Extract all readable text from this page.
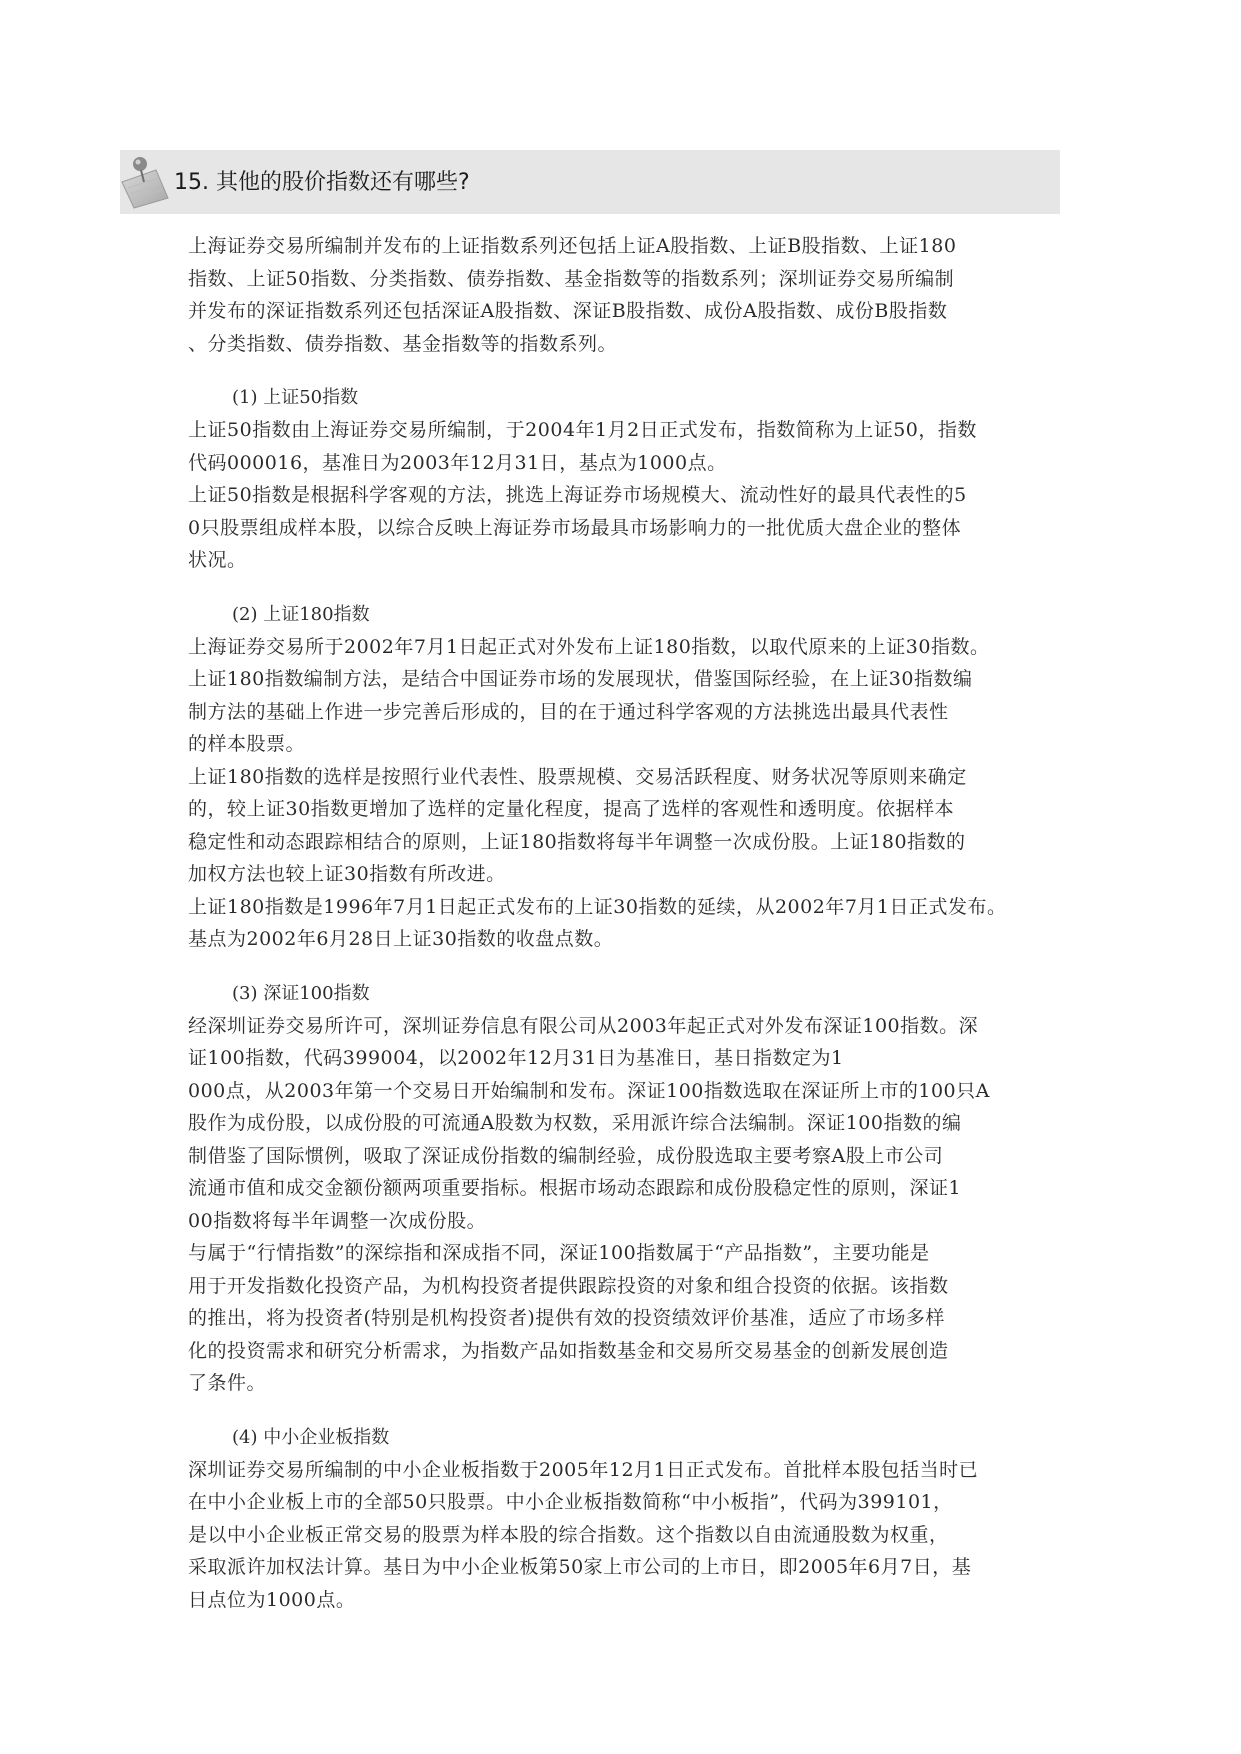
15. 其他的股价指数还有哪些?

上海证券交易所编制并发布的上证指数系列还包括上证A股指数、上证B股指数、上证180
指数、上证50指数、分类指数、债券指数、基金指数等的指数系列；深圳证券交易所编制
并发布的深证指数系列还包括深证A股指数、深证B股指数、成份A股指数、成份B股指数
、分类指数、债券指数、基金指数等的指数系列。

(1) 上证50指数

上证50指数由上海证券交易所编制，于2004年1月2日正式发布，指数简称为上证50，指数
代码000016，基准日为2003年12月31日，基点为1000点。

上证50指数是根据科学客观的方法，挑选上海证券市场规模大、流动性好的最具代表性的5
0只股票组成样本股，以综合反映上海证券市场最具市场影响力的一批优质大盘企业的整体
状况。

(2) 上证180指数

上海证券交易所于2002年7月1日起正式对外发布上证180指数，以取代原来的上证30指数。

上证180指数编制方法，是结合中国证券市场的发展现状，借鉴国际经验，在上证30指数编
制方法的基础上作进一步完善后形成的，目的在于通过科学客观的方法挑选出最具代表性
的样本股票。

上证180指数的选样是按照行业代表性、股票规模、交易活跃程度、财务状况等原则来确定
的，较上证30指数更增加了选样的定量化程度，提高了选样的客观性和透明度。依据样本
稳定性和动态跟踪相结合的原则，上证180指数将每半年调整一次成份股。上证180指数的
加权方法也较上证30指数有所改进。

上证180指数是1996年7月1日起正式发布的上证30指数的延续，从2002年7月1日正式发布。
基点为2002年6月28日上证30指数的收盘点数。

(3) 深证100指数

经深圳证券交易所许可，深圳证券信息有限公司从2003年起正式对外发布深证100指数。深
证100指数，代码399004，以2002年12月31日为基准日，基日指数定为1
000点，从2003年第一个交易日开始编制和发布。深证100指数选取在深证所上市的100只A
股作为成份股，以成份股的可流通A股数为权数，采用派许综合法编制。深证100指数的编
制借鉴了国际惯例，吸取了深证成份指数的编制经验，成份股选取主要考察A股上市公司
流通市值和成交金额份额两项重要指标。根据市场动态跟踪和成份股稳定性的原则，深证1
00指数将每半年调整一次成份股。

与属于“行情指数”的深综指和深成指不同，深证100指数属于“产品指数”，主要功能是
用于开发指数化投资产品，为机构投资者提供跟踪投资的对象和组合投资的依据。该指数
的推出，将为投资者(特别是机构投资者)提供有效的投资绩效评价基准，适应了市场多样
化的投资需求和研究分析需求，为指数产品如指数基金和交易所交易基金的创新发展创造
了条件。

(4) 中小企业板指数

深圳证券交易所编制的中小企业板指数于2005年12月1日正式发布。首批样本股包括当时已
在中小企业板上市的全部50只股票。中小企业板指数简称“中小板指”，代码为399101，
是以中小企业板正常交易的股票为样本股的综合指数。这个指数以自由流通股数为权重，
采取派许加权法计算。基日为中小企业板第50家上市公司的上市日，即2005年6月7日，基
日点位为1000点。
